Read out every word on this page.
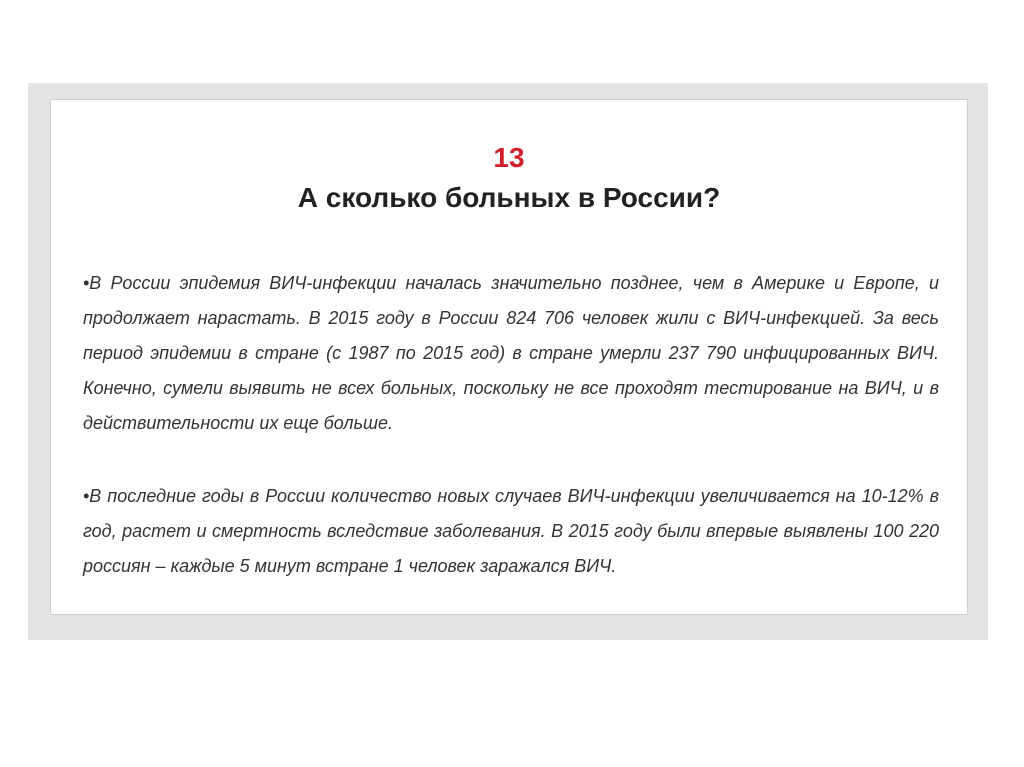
13
А сколько больных в России?
•В России эпидемия ВИЧ-инфекции началась значительно позднее, чем в Америке и Европе, и продолжает нарастать. В 2015 году в России 824 706 человек жили с ВИЧ-инфекцией. За весь период эпидемии в стране (с 1987 по 2015 год) в стране умерли 237 790 инфицированных ВИЧ. Конечно, сумели выявить не всех больных, поскольку не все проходят тестирование на ВИЧ, и в действительности их еще больше.
•В последние годы в России количество новых случаев ВИЧ-инфекции увеличивается на 10-12% в год, растет и смертность вследствие заболевания. В 2015 году были впервые выявлены 100 220 россиян – каждые 5 минут встране 1 человек заражался ВИЧ.
